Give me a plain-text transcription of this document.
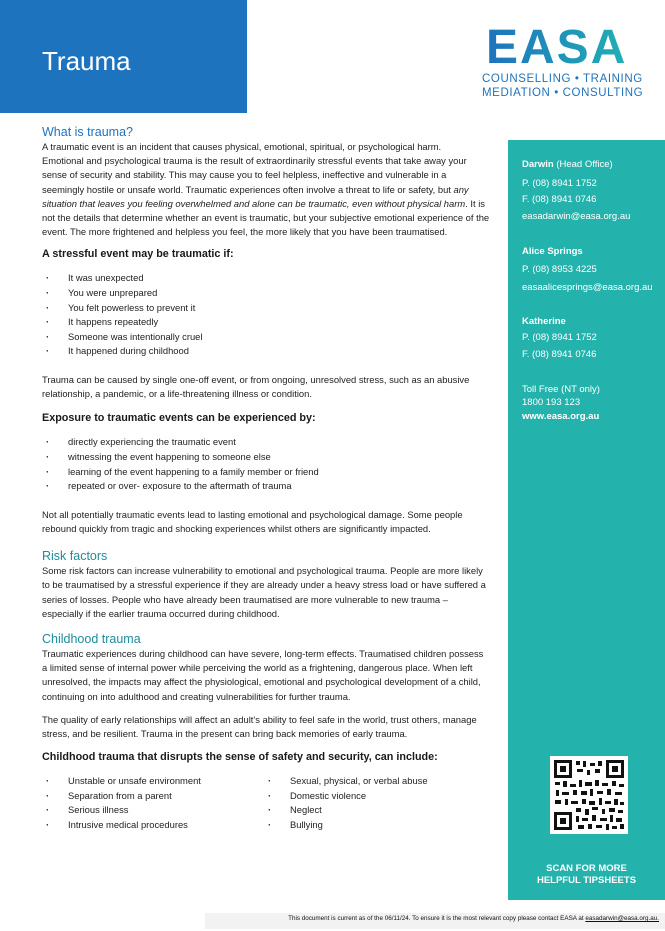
Trauma	EASA
COUNSELLING • TRAINING
MEDIATION • CONSULTING
Darwin (Head Office)
P. (08) 8941 1752
F. (08) 8941 0746
easadarwin@easa.org.au
Alice Springs
P. (08) 8953 4225
easaalicesprings@easa.org.au
Katherine
P. (08) 8941 1752
F. (08) 8941 0746
Toll Free (NT only)
1800 193 123
www.easa.org.au
SCAN FOR MORE
HELPFUL TIPSHEETS
What is trauma?

A traumatic event is an incident that causes physical, emotional, spiritual, or psychological harm.

Emotional and psychological trauma is the result of extraordinarily stressful events that take away your sense of security and stability. This may cause you to feel helpless, ineffective and vulnerable in a seemingly hostile or unsafe world. Traumatic experiences often involve a threat to life or safety, but any situation that leaves you feeling overwhelmed and alone can be traumatic, even without physical harm. It is not the details that determine whether an event is traumatic, but your subjective emotional experience of the event. The more frightened and helpless you feel, the more likely that you have been traumatised.

A stressful event may be traumatic if:
· It was unexpected
· You were unprepared
· You felt powerless to prevent it
· It happens repeatedly
· Someone was intentionally cruel
· It happened during childhood

Trauma can be caused by single one-off event, or from ongoing, unresolved stress, such as an abusive relationship, a pandemic, or a life-threatening illness or condition.

Exposure to traumatic events can be experienced by:
· directly experiencing the traumatic event
· witnessing the event happening to someone else
· learning of the event happening to a family member or friend
· repeated or over- exposure to the aftermath of trauma

Not all potentially traumatic events lead to lasting emotional and psychological damage. Some people rebound quickly from tragic and shocking experiences whilst others are significantly impacted.

Risk factors

Some risk factors can increase vulnerability to emotional and psychological trauma. People are more likely to be traumatised by a stressful experience if they are already under a heavy stress load or have suffered a series of losses. People who have already been traumatised are more vulnerable to new trauma – especially if the earlier trauma occurred during childhood.

Childhood trauma

Traumatic experiences during childhood can have severe, long-term effects. Traumatised children possess a limited sense of internal power while perceiving the world as a frightening, dangerous place. When left unresolved, the impacts may affect the physiological, emotional and psychological development of a child, continuing on into adulthood and creating vulnerabilities for further trauma.

The quality of early relationships will affect an adult's ability to feel safe in the world, trust others, manage stress, and be resilient. Trauma in the present can bring back memories of early trauma.

Childhood trauma that disrupts the sense of safety and security, can include:
· Unstable or unsafe environment
· Separation from a parent
· Serious illness
· Intrusive medical procedures
· Sexual, physical, or verbal abuse
· Domestic violence
· Neglect
· Bullying
This document is current as of the 06/11/24. To ensure it is the most relevant copy please contact EASA at easadarwin@easa.org.au.
